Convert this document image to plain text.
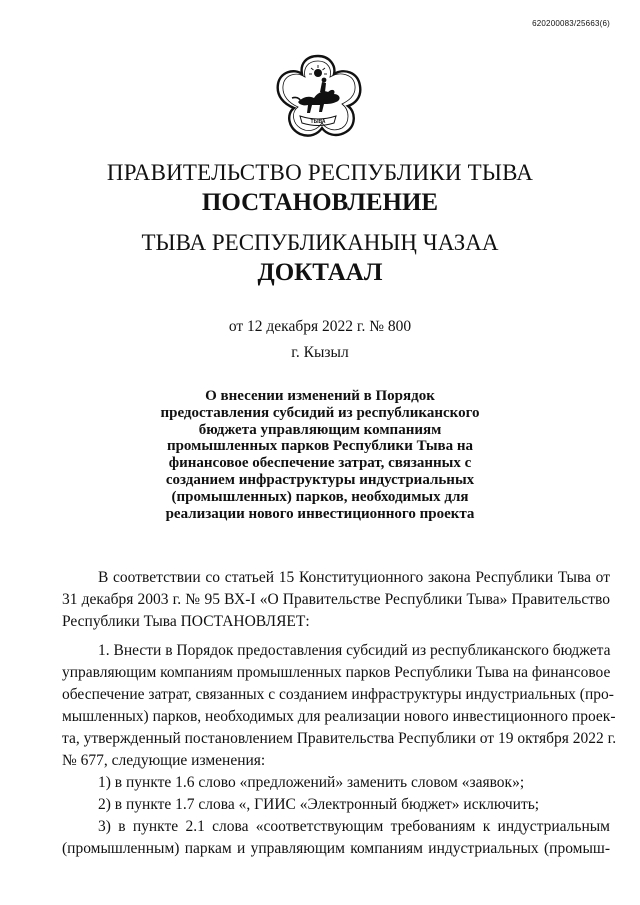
620200083/25663(6)
ТЫВА
ПРАВИТЕЛЬСТВО РЕСПУБЛИКИ ТЫВА
ПОСТАНОВЛЕНИЕ
ТЫВА РЕСПУБЛИКАНЫҢ ЧАЗАА
ДОКТААЛ
от 12 декабря 2022 г. № 800
г. Кызыл
О внесении изменений в Порядок
предоставления субсидий из республиканского
бюджета управляющим компаниям
промышленных парков Республики Тыва на
финансовое обеспечение затрат, связанных с
созданием инфраструктуры индустриальных
(промышленных) парков, необходимых для
реализации нового инвестиционного проекта
В соответствии со статьей 15 Конституционного закона Республики Тыва от
31 декабря 2003 г. № 95 ВХ-I «О Правительстве Республики Тыва» Правительство
Республики Тыва ПОСТАНОВЛЯЕТ:
1. Внести в Порядок предоставления субсидий из республиканского бюджета
управляющим компаниям промышленных парков Республики Тыва на финансовое
обеспечение затрат, связанных с созданием инфраструктуры индустриальных (про-
мышленных) парков, необходимых для реализации нового инвестиционного проек-
та, утвержденный постановлением Правительства Республики от 19 октября 2022 г.
№ 677, следующие изменения:
1) в пункте 1.6 слово «предложений» заменить словом «заявок»;
2) в пункте 1.7 слова «, ГИИС «Электронный бюджет» исключить;
3) в пункте 2.1 слова «соответствующим требованиям к индустриальным
(промышленным) паркам и управляющим компаниям индустриальных (промыш-
